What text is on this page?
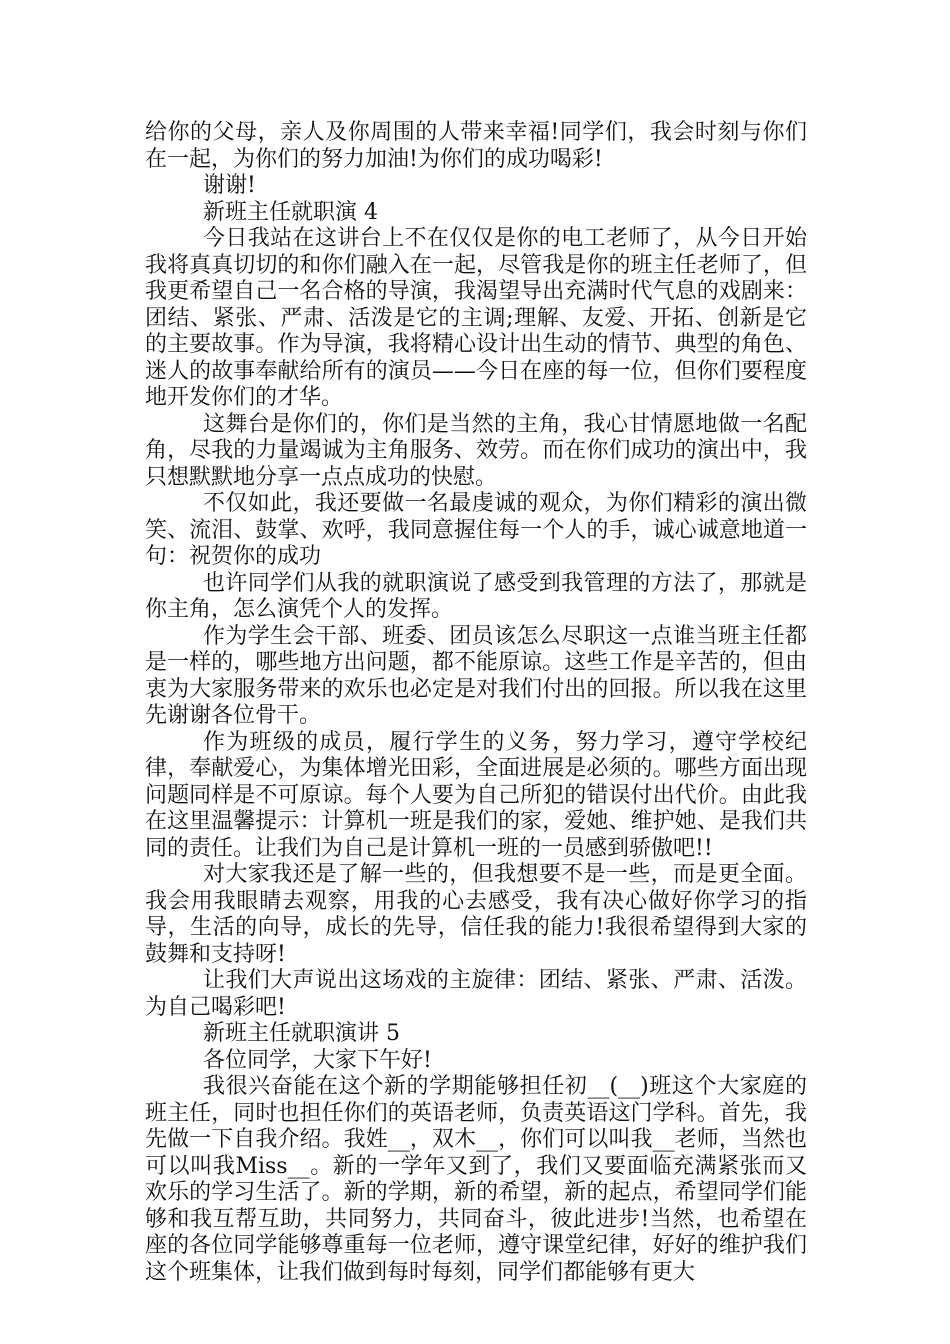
给你的父母，亲人及你周围的人带来幸福!同学们，我会时刻与你们在一起，为你们的努力加油!为你们的成功喝彩!

谢谢!

新班主任就职演 4

今日我站在这讲台上不在仅仅是你的电工老师了，从今日开始我将真真切切的和你们融入在一起，尽管我是你的班主任老师了，但我更希望自己一名合格的导演，我渴望导出充满时代气息的戏剧来：团结、紧张、严肃、活泼是它的主调;理解、友爱、开拓、创新是它的主要故事。作为导演，我将精心设计出生动的情节、典型的角色、迷人的故事奉献给所有的演员——今日在座的每一位，但你们要程度地开发你们的才华。

这舞台是你们的，你们是当然的主角，我心甘情愿地做一名配角，尽我的力量竭诚为主角服务、效劳。而在你们成功的演出中，我只想默默地分享一点点成功的快慰。

不仅如此，我还要做一名最虔诚的观众，为你们精彩的演出微笑、流泪、鼓掌、欢呼，我同意握住每一个人的手，诚心诚意地道一句：祝贺你的成功

也许同学们从我的就职演说了感受到我管理的方法了，那就是你主角，怎么演凭个人的发挥。

作为学生会干部、班委、团员该怎么尽职这一点谁当班主任都是一样的，哪些地方出问题，都不能原谅。这些工作是辛苦的，但由衷为大家服务带来的欢乐也必定是对我们付出的回报。所以我在这里先谢谢各位骨干。

作为班级的成员，履行学生的义务，努力学习，遵守学校纪律，奉献爱心，为集体增光田彩，全面进展是必须的。哪些方面出现问题同样是不可原谅。每个人要为自己所犯的错误付出代价。由此我在这里温馨提示：计算机一班是我们的家，爱她、维护她、是我们共同的责任。让我们为自己是计算机一班的一员感到骄傲吧!!

对大家我还是了解一些的，但我想要不是一些，而是更全面。我会用我眼睛去观察，用我的心去感受，我有决心做好你学习的指导，生活的向导，成长的先导，信任我的能力!我很希望得到大家的鼓舞和支持呀!

让我们大声说出这场戏的主旋律：团结、紧张、严肃、活泼。为自己喝彩吧!

新班主任就职演讲 5

各位同学，大家下午好!

我很兴奋能在这个新的学期能够担任初__(__)班这个大家庭的班主任，同时也担任你们的英语老师，负责英语这门学科。首先，我先做一下自我介绍。我姓__，双木__，你们可以叫我__老师，当然也可以叫我Miss__。新的一学年又到了，我们又要面临充满紧张而又欢乐的学习生活了。新的学期，新的希望，新的起点，希望同学们能够和我互帮互助，共同努力，共同奋斗，彼此进步!当然，也希望在座的各位同学能够尊重每一位老师，遵守课堂纪律，好好的维护我们这个班集体，让我们做到每时每刻，同学们都能够有更大
